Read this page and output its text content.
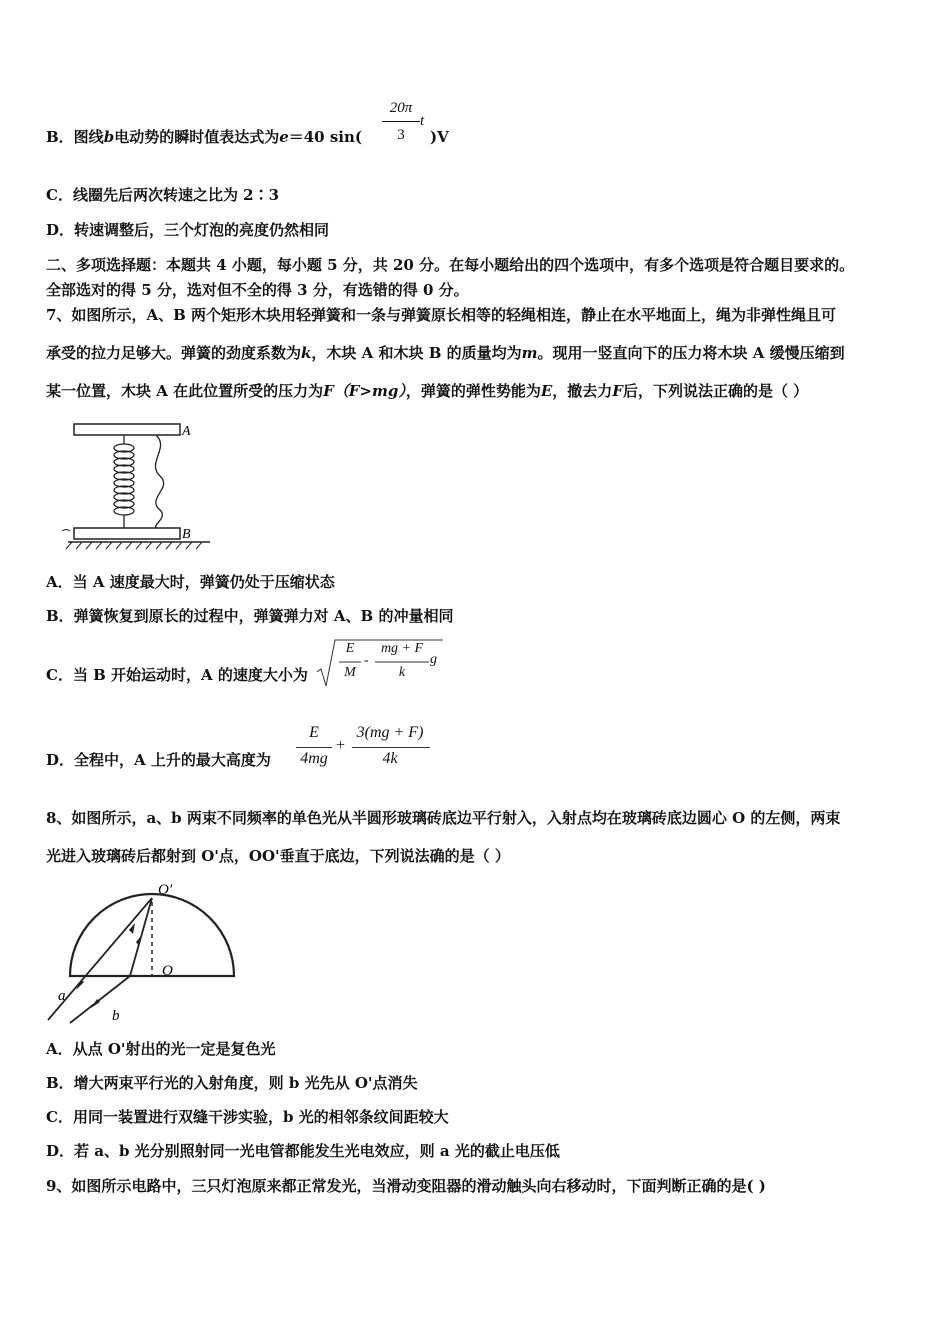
B．图线b电动势的瞬时值表达式为e＝40 sin(
20π
3
t
)V
C．线圈先后两次转速之比为 2∶3
D．转速调整后，三个灯泡的亮度仍然相同
二、多项选择题：本题共 4 小题，每小题 5 分，共 20 分。在每小题给出的四个选项中，有多个选项是符合题目要求的。
全部选对的得 5 分，选对但不全的得 3 分，有选错的得 0 分。
7、如图所示，A、B 两个矩形木块用轻弹簧和一条与弹簧原长相等的轻绳相连，静止在水平地面上，绳为非弹性绳且可
承受的拉力足够大。弹簧的劲度系数为k，木块 A 和木块 B 的质量均为m。现用一竖直向下的压力将木块 A 缓慢压缩到
某一位置，木块 A 在此位置所受的压力为F（F>mg），弹簧的弹性势能为E，撤去力F后，下列说法正确的是（ ）
A
B
A．当 A 速度最大时，弹簧仍处于压缩状态
B．弹簧恢复到原长的过程中，弹簧弹力对 A、B 的冲量相同
C．当 B 开始运动时，A 的速度大小为
E
M
-
mg + F
k
g
D．全程中，A 上升的最大高度为
E
4mg
+
3(mg + F)
4k
8、如图所示，a、b 两束不同频率的单色光从半圆形玻璃砖底边平行射入，入射点均在玻璃砖底边圆心 O 的左侧，两束
光进入玻璃砖后都射到 O'点，OO'垂直于底边，下列说法确的是（ ）
O′
O
a
b
A．从点 O'射出的光一定是复色光
B．增大两束平行光的入射角度，则 b 光先从 O'点消失
C．用同一装置进行双缝干涉实验，b 光的相邻条纹间距较大
D．若 a、b 光分别照射同一光电管都能发生光电效应，则 a 光的截止电压低
9、如图所示电路中，三只灯泡原来都正常发光，当滑动变阻器的滑动触头向右移动时，下面判断正确的是( )
